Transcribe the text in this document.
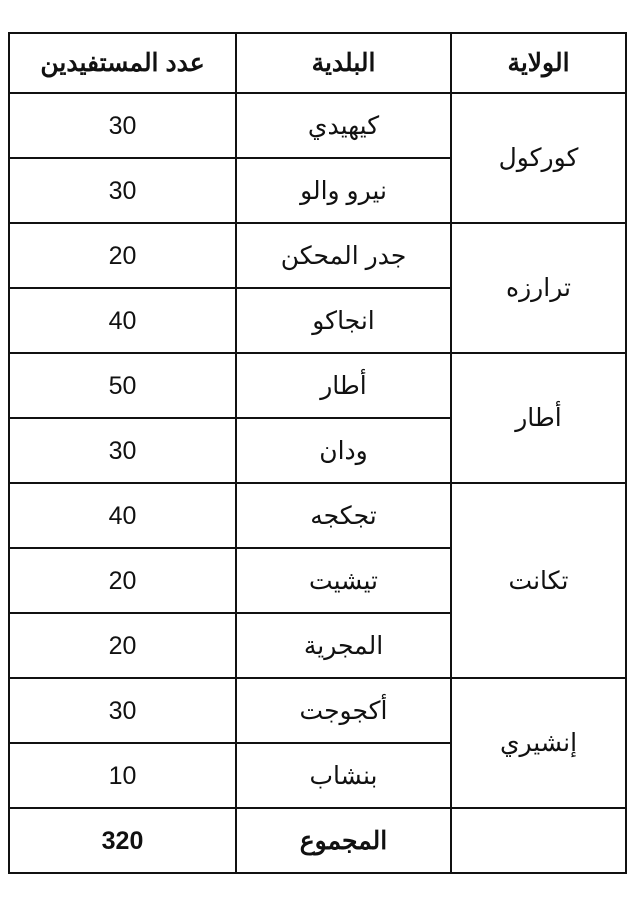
الولاية	البلدية	عدد المستفيدين
كوركول	كيهيدي	30
	نيرو والو	30
ترارزه	جدر المحكن	20
	انجاكو	40
أطار	أطار	50
	ودان	30
تكانت	تجكجه	40
	تيشيت	20
	المجرية	20
إنشيري	أكجوجت	30
	بنشاب	10
	المجموع	320
